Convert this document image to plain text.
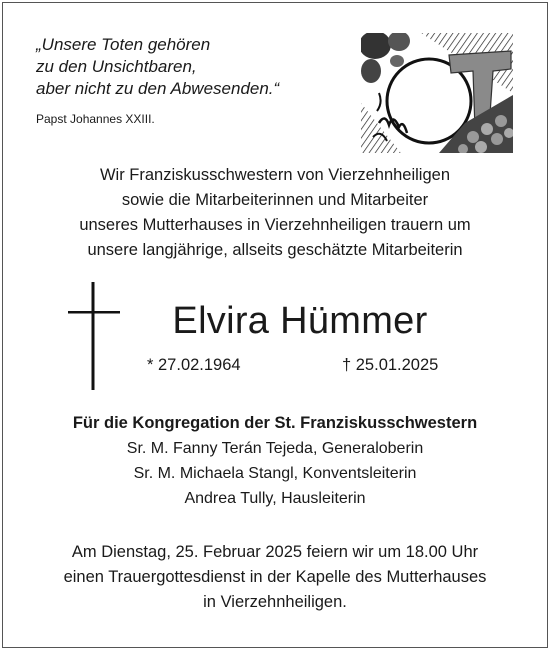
„Unsere Toten gehören
zu den Unsichtbaren,
aber nicht zu den Abwesenden.“
Papst Johannes XXIII.
Wir Franziskusschwestern von Vierzehnheiligen
sowie die Mitarbeiterinnen und Mitarbeiter
unseres Mutterhauses in Vierzehnheiligen trauern um
unsere langjährige, allseits geschätzte Mitarbeiterin
Elvira Hümmer
* 27.02.1964	† 25.01.2025
Für die Kongregation der St. Franziskusschwestern
Sr. M. Fanny Terán Tejeda, Generaloberin
Sr. M. Michaela Stangl, Konventsleiterin
Andrea Tully, Hausleiterin
Am Dienstag, 25. Februar 2025 feiern wir um 18.00 Uhr
einen Trauergottesdienst in der Kapelle des Mutterhauses
in Vierzehnheiligen.
